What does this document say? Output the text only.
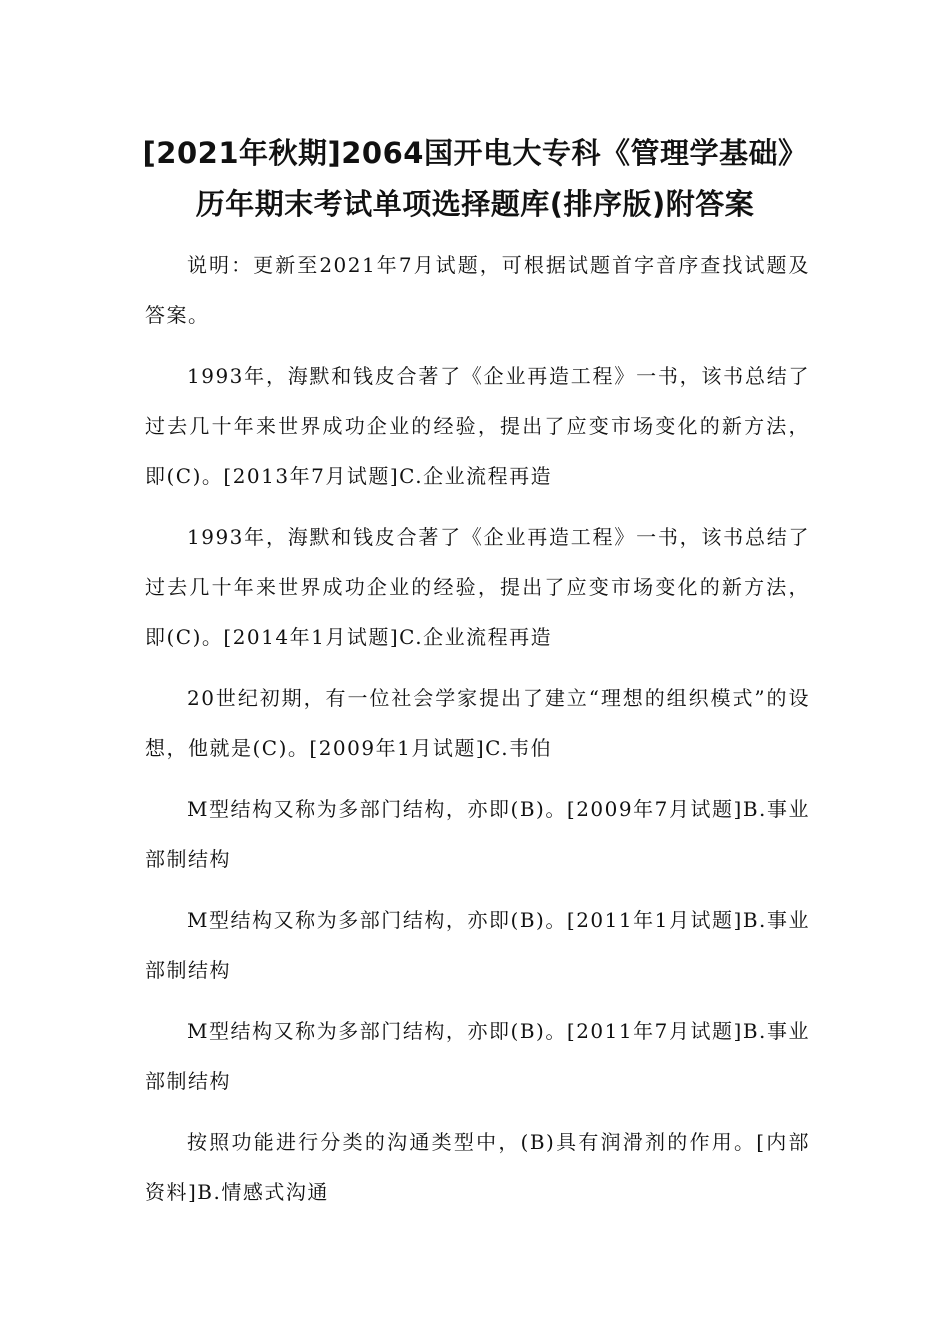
[2021年秋期]2064国开电大专科《管理学基础》历年期末考试单项选择题库(排序版)附答案

说明：更新至2021年7月试题，可根据试题首字音序查找试题及答案。

1993年，海默和钱皮合著了《企业再造工程》一书，该书总结了过去几十年来世界成功企业的经验，提出了应变市场变化的新方法，即(C)。[2013年7月试题]C.企业流程再造

1993年，海默和钱皮合著了《企业再造工程》一书，该书总结了过去几十年来世界成功企业的经验，提出了应变市场变化的新方法，即(C)。[2014年1月试题]C.企业流程再造

20世纪初期，有一位社会学家提出了建立“理想的组织模式”的设想，他就是(C)。[2009年1月试题]C.韦伯

M型结构又称为多部门结构，亦即(B)。[2009年7月试题]B.事业部制结构

M型结构又称为多部门结构，亦即(B)。[2011年1月试题]B.事业部制结构

M型结构又称为多部门结构，亦即(B)。[2011年7月试题]B.事业部制结构

按照功能进行分类的沟通类型中，(B)具有润滑剂的作用。[内部资料]B.情感式沟通
